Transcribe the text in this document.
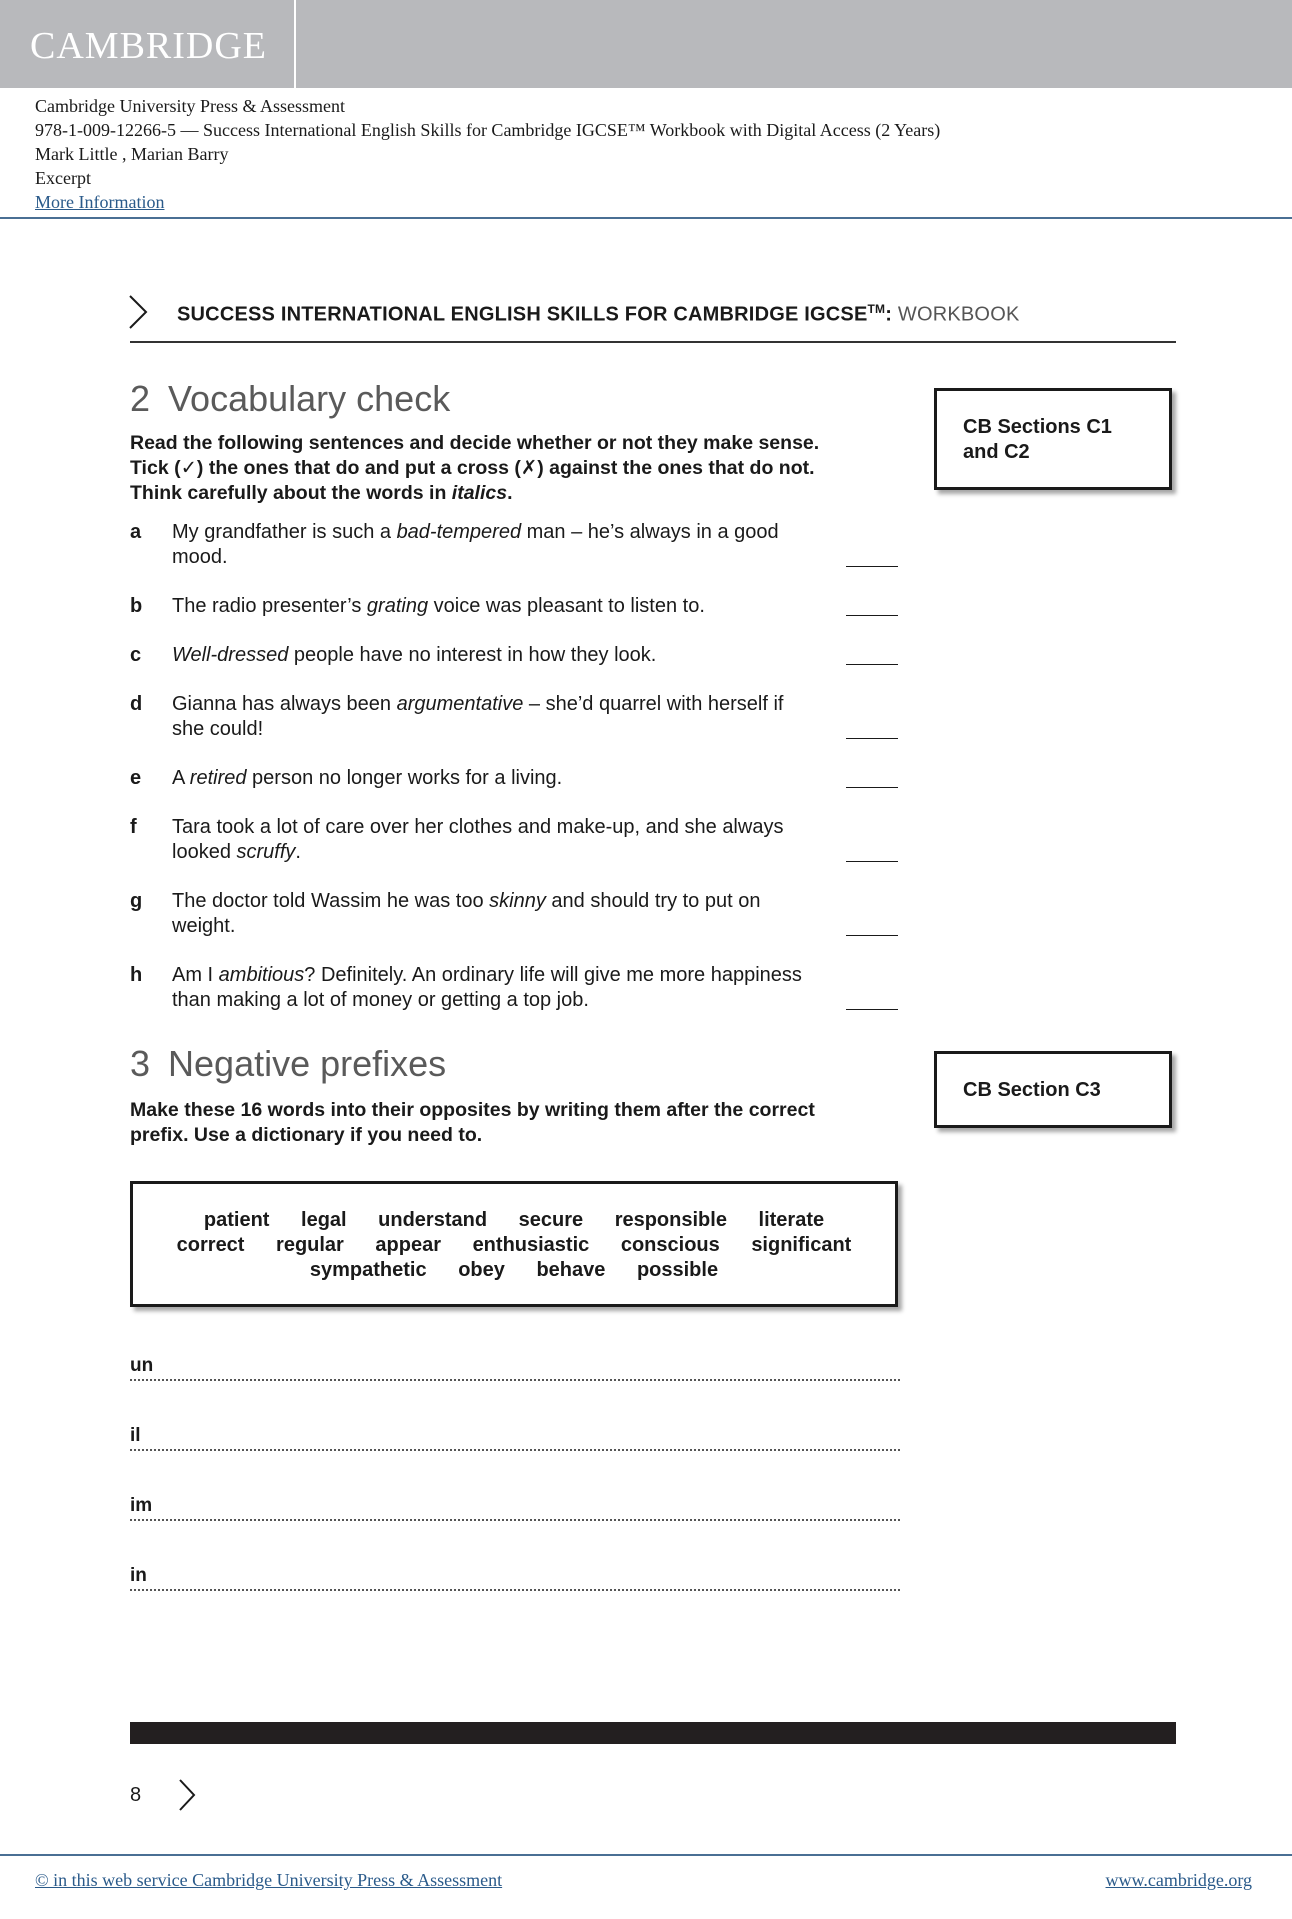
CAMBRIDGE
Cambridge University Press & Assessment
978-1-009-12266-5 — Success International English Skills for Cambridge IGCSE™ Workbook with Digital Access (2 Years)
Mark Little , Marian Barry
Excerpt
More Information
SUCCESS INTERNATIONAL ENGLISH SKILLS FOR CAMBRIDGE IGCSE™: WORKBOOK
2 Vocabulary check
CB Sections C1
and C2

Read the following sentences and decide whether or not they make sense.

Tick (✓) the ones that do and put a cross (✗) against the ones that do not.

Think carefully about the words in italics.

a My grandfather is such a bad-tempered man – he’s always in a good mood.
b The radio presenter’s grating voice was pleasant to listen to.
c Well-dressed people have no interest in how they look.
d Gianna has always been argumentative – she’d quarrel with herself if she could!
e A retired person no longer works for a living.
f Tara took a lot of care over her clothes and make-up, and she always looked scruffy.
g The doctor told Wassim he was too skinny and should try to put on weight.
h Am I ambitious? Definitely. An ordinary life will give me more happiness than making a lot of money or getting a top job.
3 Negative prefixes
CB Section C3

Make these 16 words into their opposites by writing them after the correct

prefix. Use a dictionary if you need to.

patient legal understand secure responsible literate
correct regular appear enthusiastic conscious significant
sympathetic obey behave possible
un
il
im
in
8
© in this web service Cambridge University Press & Assessment	www.cambridge.org
